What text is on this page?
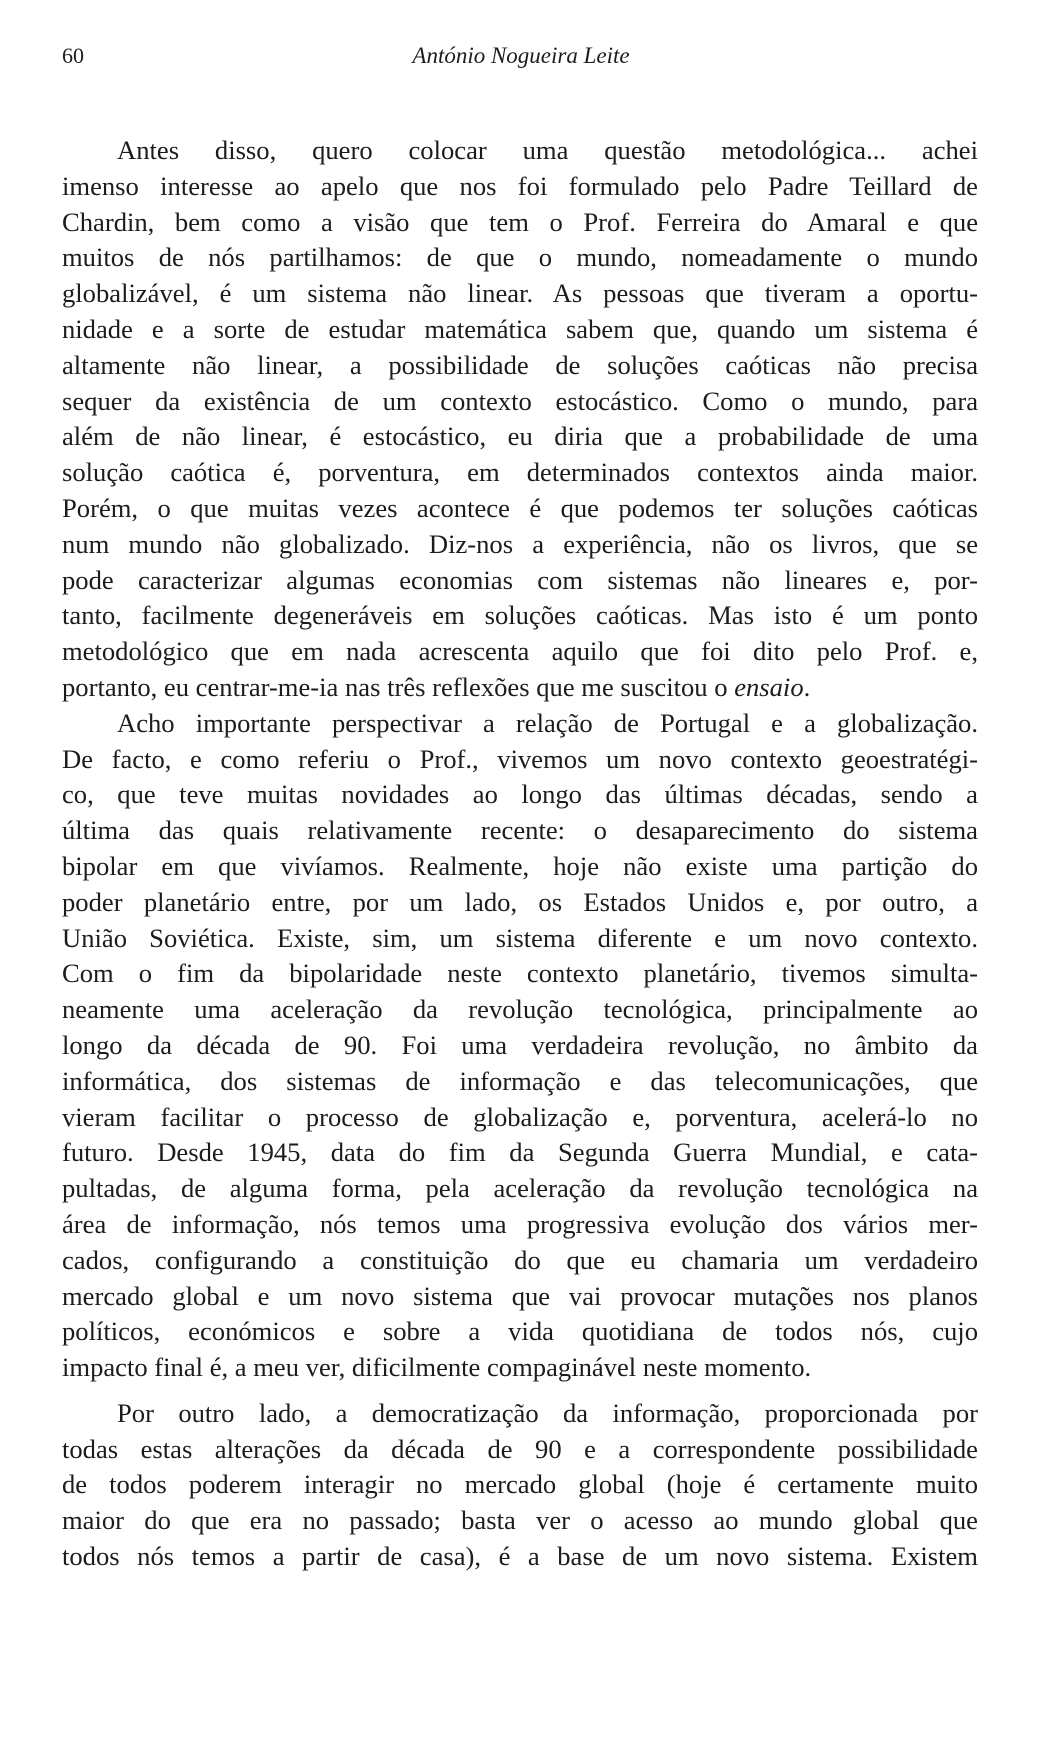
60	António Nogueira Leite
Antes disso, quero colocar uma questão metodológica... achei
imenso interesse ao apelo que nos foi formulado pelo Padre Teillard de
Chardin, bem como a visão que tem o Prof. Ferreira do Amaral e que
muitos de nós partilhamos: de que o mundo, nomeadamente o mundo
globalizável, é um sistema não linear. As pessoas que tiveram a oportu-
nidade e a sorte de estudar matemática sabem que, quando um sistema é
altamente não linear, a possibilidade de soluções caóticas não precisa
sequer da existência de um contexto estocástico. Como o mundo, para
além de não linear, é estocástico, eu diria que a probabilidade de uma
solução caótica é, porventura, em determinados contextos ainda maior.
Porém, o que muitas vezes acontece é que podemos ter soluções caóticas
num mundo não globalizado. Diz-nos a experiência, não os livros, que se
pode caracterizar algumas economias com sistemas não lineares e, por-
tanto, facilmente degeneráveis em soluções caóticas. Mas isto é um ponto
metodológico que em nada acrescenta aquilo que foi dito pelo Prof. e,
portanto, eu centrar-me-ia nas três reflexões que me suscitou o ensaio.
Acho importante perspectivar a relação de Portugal e a globalização.
De facto, e como referiu o Prof., vivemos um novo contexto geoestratégi-
co, que teve muitas novidades ao longo das últimas décadas, sendo a
última das quais relativamente recente: o desaparecimento do sistema
bipolar em que vivíamos. Realmente, hoje não existe uma partição do
poder planetário entre, por um lado, os Estados Unidos e, por outro, a
União Soviética. Existe, sim, um sistema diferente e um novo contexto.
Com o fim da bipolaridade neste contexto planetário, tivemos simulta-
neamente uma aceleração da revolução tecnológica, principalmente ao
longo da década de 90. Foi uma verdadeira revolução, no âmbito da
informática, dos sistemas de informação e das telecomunicações, que
vieram facilitar o processo de globalização e, porventura, acelerá-lo no
futuro. Desde 1945, data do fim da Segunda Guerra Mundial, e cata-
pultadas, de alguma forma, pela aceleração da revolução tecnológica na
área de informação, nós temos uma progressiva evolução dos vários mer-
cados, configurando a constituição do que eu chamaria um verdadeiro
mercado global e um novo sistema que vai provocar mutações nos planos
políticos, económicos e sobre a vida quotidiana de todos nós, cujo
impacto final é, a meu ver, dificilmente compaginável neste momento.
Por outro lado, a democratização da informação, proporcionada por
todas estas alterações da década de 90 e a correspondente possibilidade
de todos poderem interagir no mercado global (hoje é certamente muito
maior do que era no passado; basta ver o acesso ao mundo global que
todos nós temos a partir de casa), é a base de um novo sistema. Existem
